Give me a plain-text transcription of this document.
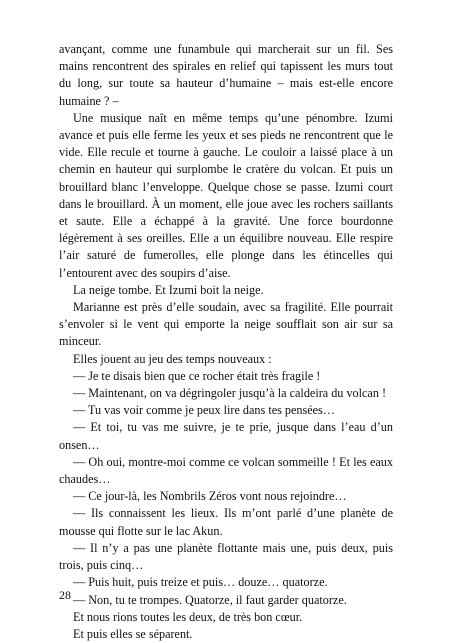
avançant, comme une funambule qui marcherait sur un fil. Ses mains rencontrent des spirales en relief qui tapissent les murs tout du long, sur toute sa hauteur d’humaine – mais est-elle encore humaine ? –

Une musique naît en même temps qu’une pénombre. Izumi avance et puis elle ferme les yeux et ses pieds ne rencontrent que le vide. Elle recule et tourne à gauche. Le couloir a laissé place à un chemin en hauteur qui surplombe le cratère du volcan. Et puis un brouillard blanc l’enveloppe. Quelque chose se passe. Izumi court dans le brouillard. À un moment, elle joue avec les rochers saillants et saute. Elle a échappé à la gravité. Une force bourdonne légèrement à ses oreilles. Elle a un équilibre nouveau. Elle respire l’air saturé de fumerolles, elle plonge dans les étincelles qui l’entourent avec des soupirs d’aise.

La neige tombe. Et Izumi boit la neige.

Marianne est près d’elle soudain, avec sa fragilité. Elle pourrait s’envoler si le vent qui emporte la neige soufflait son air sur sa minceur.

Elles jouent au jeu des temps nouveaux :

— Je te disais bien que ce rocher était très fragile !

— Maintenant, on va dégringoler jusqu’à la caldeira du volcan !

— Tu vas voir comme je peux lire dans tes pensées…

— Et toi, tu vas me suivre, je te prie, jusque dans l’eau d’un onsen…

— Oh oui, montre-moi comme ce volcan sommeille ! Et les eaux chaudes…

— Ce jour-là, les Nombrils Zéros vont nous rejoindre…

— Ils connaissent les lieux. Ils m’ont parlé d’une planète de mousse qui flotte sur le lac Akun.

— Il n’y a pas une planète flottante mais une, puis deux, puis trois, puis cinq…

— Puis huit, puis treize et puis… douze… quatorze.

— Non, tu te trompes. Quatorze, il faut garder quatorze.

Et nous rions toutes les deux, de très bon cœur.

Et puis elles se séparent.

28
